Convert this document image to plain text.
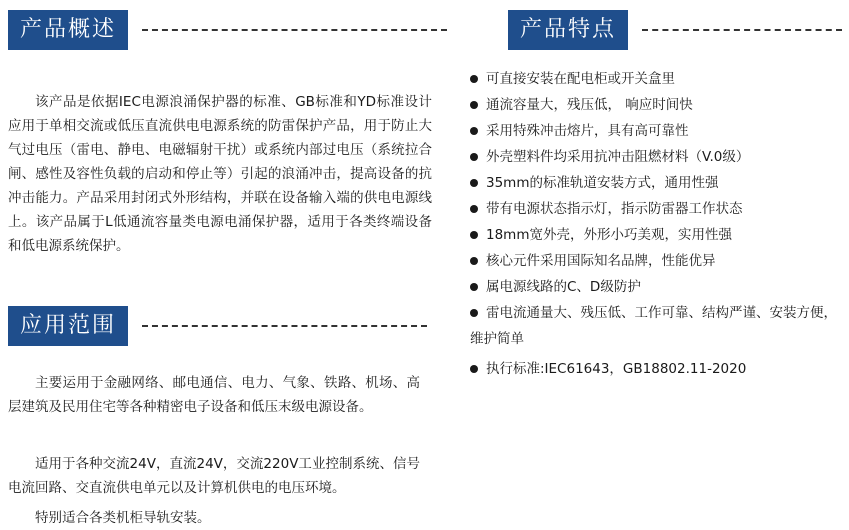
产品概述

该产品是依据IEC电源浪涌保护器的标准、GB标准和YD标准设计应用于单相交流或低压直流供电电源系统的防雷保护产品，用于防止大气过电压（雷电、静电、电磁辐射干扰）或系统内部过电压（系统拉合闸、感性及容性负载的启动和停止等）引起的浪涌冲击，提高设备的抗冲击能力。产品采用封闭式外形结构，并联在设备输入端的供电电源线上。该产品属于L低通流容量类电源电涌保护器，适用于各类终端设备和低电源系统保护。

应用范围

主要运用于金融网络、邮电通信、电力、气象、铁路、机场、高层建筑及民用住宅等各种精密电子设备和低压末级电源设备。

适用于各种交流24V，直流24V，交流220V工业控制系统、信号电流回路、交直流供电单元以及计算机供电的电压环境。

特别适合各类机柜导轨安装。

产品特点
可直接安装在配电柜或开关盒里
通流容量大，残压低， 响应时间快
采用特殊冲击熔片，具有高可靠性
外壳塑料件均采用抗冲击阻燃材料（V.0级）
35mm的标准轨道安装方式，通用性强
带有电源状态指示灯，指示防雷器工作状态
18mm宽外壳，外形小巧美观，实用性强
核心元件采用国际知名品牌，性能优异
属电源线路的C、D级防护
雷电流通量大、残压低、工作可靠、结构严谨、安装方便，维护简单
执行标准:IEC61643，GB18802.11-2020
